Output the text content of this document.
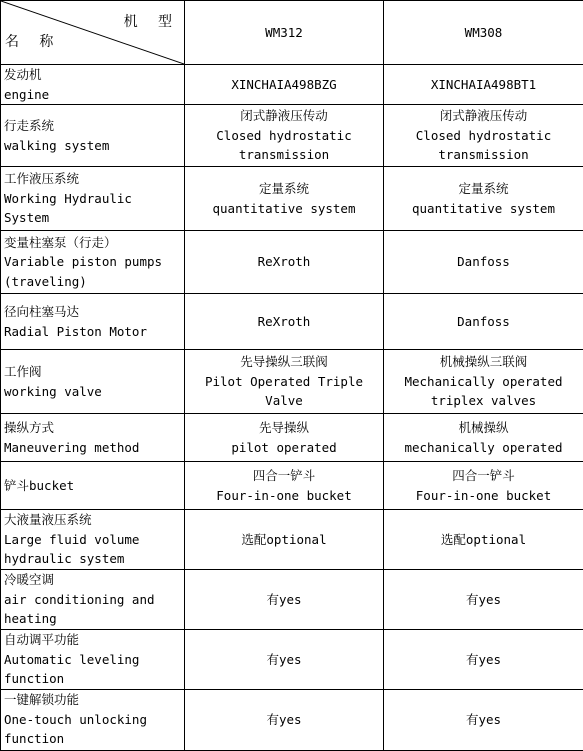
机 型
名 称	WM312	WM308

发动机
engine	XINCHAIA498BZG	XINCHAIA498BT1

行走系统
walking system	闭式静液压传动
Closed hydrostatic
transmission	闭式静液压传动
Closed hydrostatic
transmission

工作液压系统
Working Hydraulic
System	定量系统
quantitative system	定量系统
quantitative system

变量柱塞泵（行走）
Variable piston pumps
(traveling)	ReXroth	Danfoss

径向柱塞马达
Radial Piston Motor	ReXroth	Danfoss

工作阀
working valve	先导操纵三联阀
Pilot Operated Triple
Valve	机械操纵三联阀
Mechanically operated
triplex valves

操纵方式
Maneuvering method	先导操纵
pilot operated	机械操纵
mechanically operated

铲斗bucket	四合一铲斗
Four-in-one bucket	四合一铲斗
Four-in-one bucket

大液量液压系统
Large fluid volume
hydraulic system	选配optional	选配optional

冷暖空调
air conditioning and
heating	有yes	有yes

自动调平功能
Automatic leveling
function	有yes	有yes

一键解锁功能
One-touch unlocking
function	有yes	有yes
